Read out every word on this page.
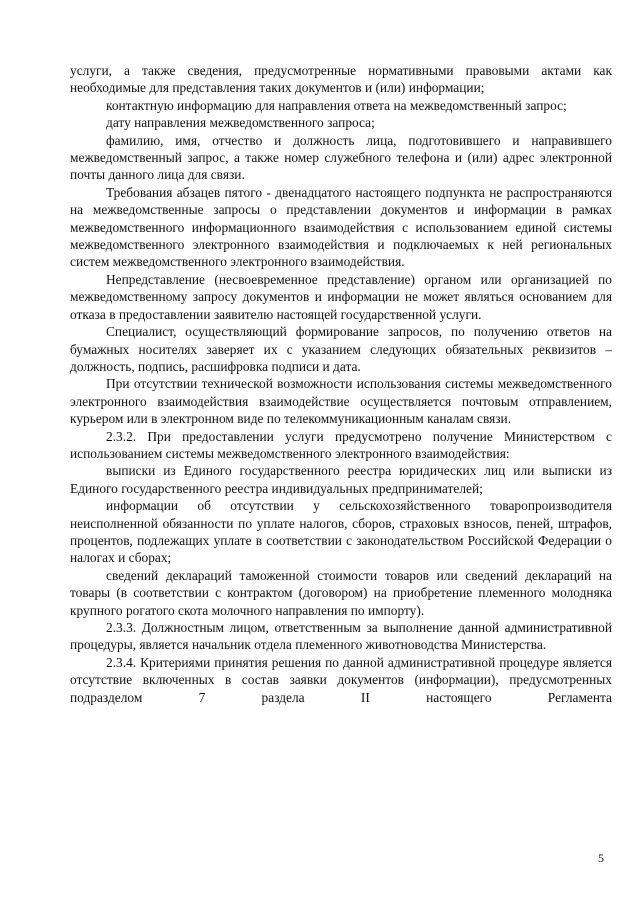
услуги, а также сведения, предусмотренные нормативными правовыми актами как необходимые для представления таких документов и (или) информации;

контактную информацию для направления ответа на межведомственный запрос;

дату направления межведомственного запроса;

фамилию, имя, отчество и должность лица, подготовившего и направившего межведомственный запрос, а также номер служебного телефона и (или) адрес электронной почты данного лица для связи.

Требования абзацев пятого - двенадцатого настоящего подпункта не распространяются на межведомственные запросы о представлении документов и информации в рамках межведомственного информационного взаимодействия с использованием единой системы межведомственного электронного взаимодействия и подключаемых к ней региональных систем межведомственного электронного взаимодействия.

Непредставление (несвоевременное представление) органом или организацией по межведомственному запросу документов и информации не может являться основанием для отказа в предоставлении заявителю настоящей государственной услуги.

Специалист, осуществляющий формирование запросов, по получению ответов на бумажных носителях заверяет их с указанием следующих обязательных реквизитов – должность, подпись, расшифровка подписи и дата.

При отсутствии технической возможности использования системы межведомственного электронного взаимодействия взаимодействие осуществляется почтовым отправлением, курьером или в электронном виде по телекоммуникационным каналам связи.

2.3.2. При предоставлении услуги предусмотрено получение Министерством с использованием системы межведомственного электронного взаимодействия:

выписки из Единого государственного реестра юридических лиц или выписки из Единого государственного реестра индивидуальных предпринимателей;

информации об отсутствии у сельскохозяйственного товаропроизводителя неисполненной обязанности по уплате налогов, сборов, страховых взносов, пеней, штрафов, процентов, подлежащих уплате в соответствии с законодательством Российской Федерации о налогах и сборах;

сведений деклараций таможенной стоимости товаров или сведений деклараций на товары (в соответствии с контрактом (договором) на приобретение племенного молодняка крупного рогатого скота молочного направления по импорту).

2.3.3. Должностным лицом, ответственным за выполнение данной административной процедуры, является начальник отдела племенного животноводства Министерства.

2.3.4. Критериями принятия решения по данной административной процедуре является отсутствие включенных в состав заявки документов (информации), предусмотренных подразделом 7 раздела II настоящего Регламента

5
